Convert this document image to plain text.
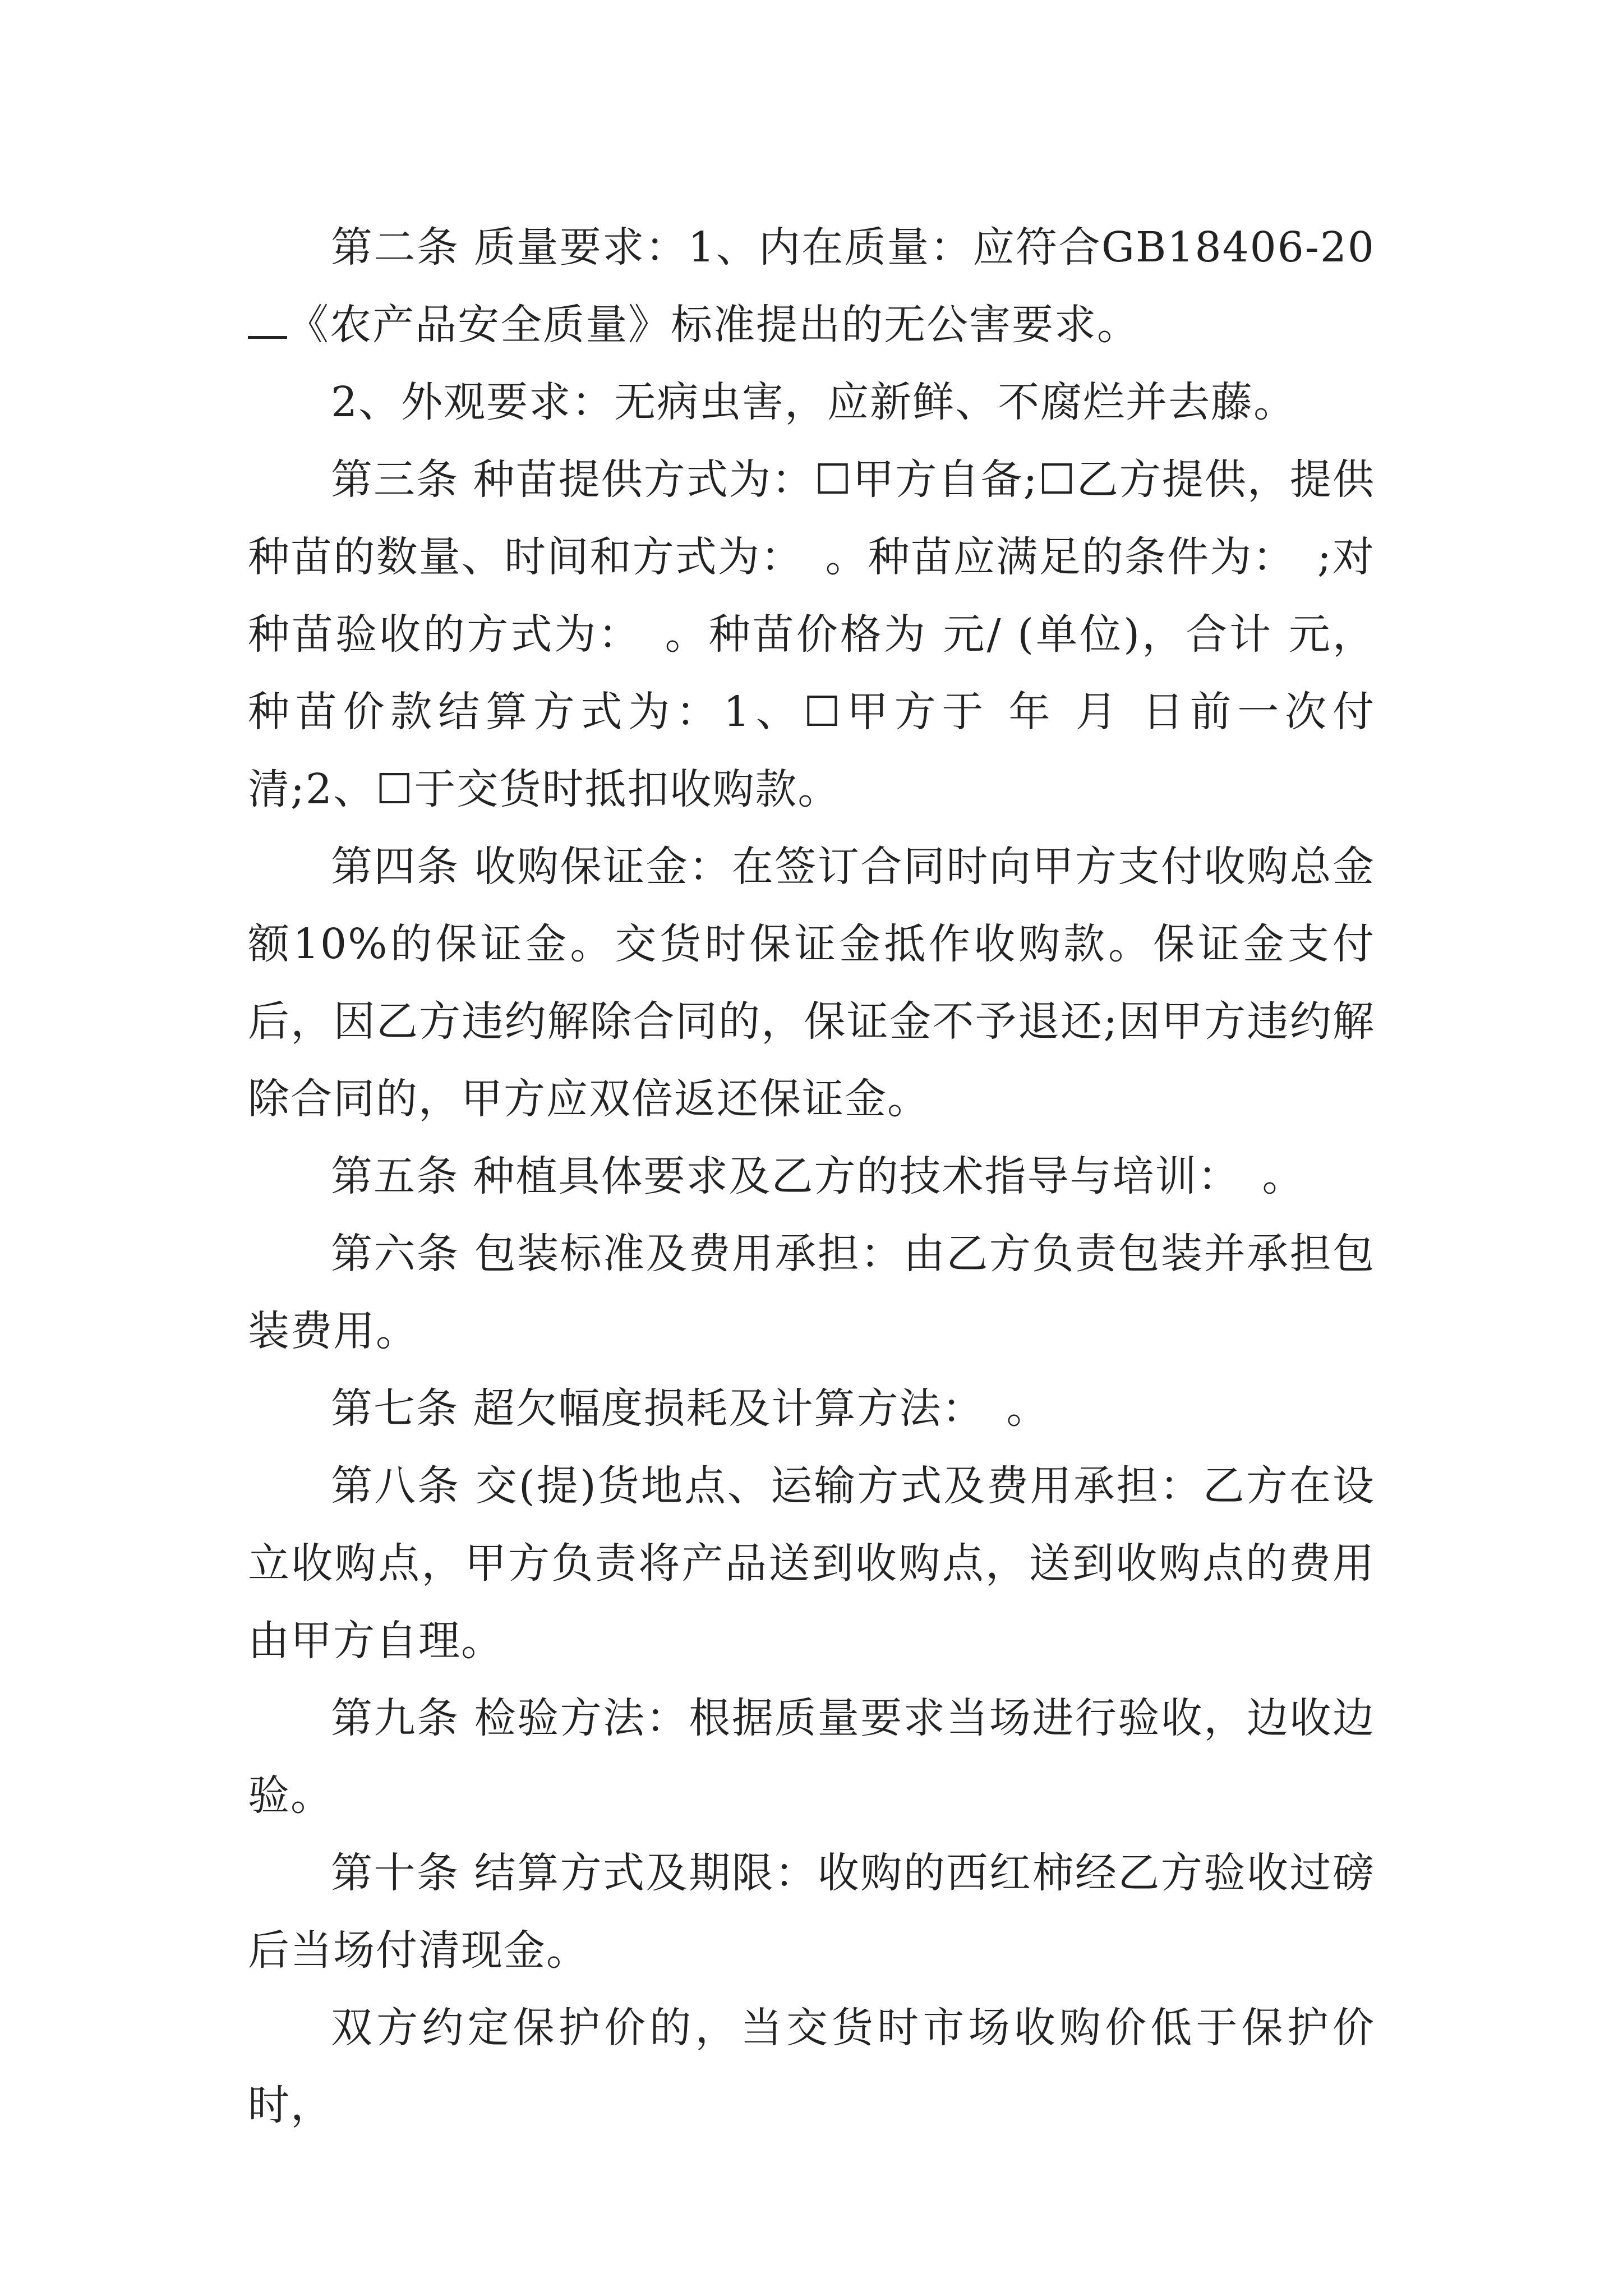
第二条 质量要求：1、内在质量：应符合GB18406-20《农产品安全质量》标准提出的无公害要求。

2、外观要求：无病虫害，应新鲜、不腐烂并去藤。

第三条 种苗提供方式为：☐甲方自备;☐乙方提供，提供种苗的数量、时间和方式为：　。种苗应满足的条件为：　;对种苗验收的方式为：　。种苗价格为 元/ (单位)，合计 元，种苗价款结算方式为：1、☐甲方于 年 月 日前一次付清;2、☐于交货时抵扣收购款。

第四条 收购保证金：在签订合同时向甲方支付收购总金额10%的保证金。交货时保证金抵作收购款。保证金支付后，因乙方违约解除合同的，保证金不予退还;因甲方违约解除合同的，甲方应双倍返还保证金。

第五条 种植具体要求及乙方的技术指导与培训：　。

第六条 包装标准及费用承担：由乙方负责包装并承担包装费用。

第七条 超欠幅度损耗及计算方法：　。

第八条 交(提)货地点、运输方式及费用承担：乙方在设立收购点，甲方负责将产品送到收购点，送到收购点的费用由甲方自理。

第九条 检验方法：根据质量要求当场进行验收，边收边验。

第十条 结算方式及期限：收购的西红柿经乙方验收过磅后当场付清现金。

双方约定保护价的，当交货时市场收购价低于保护价时，
